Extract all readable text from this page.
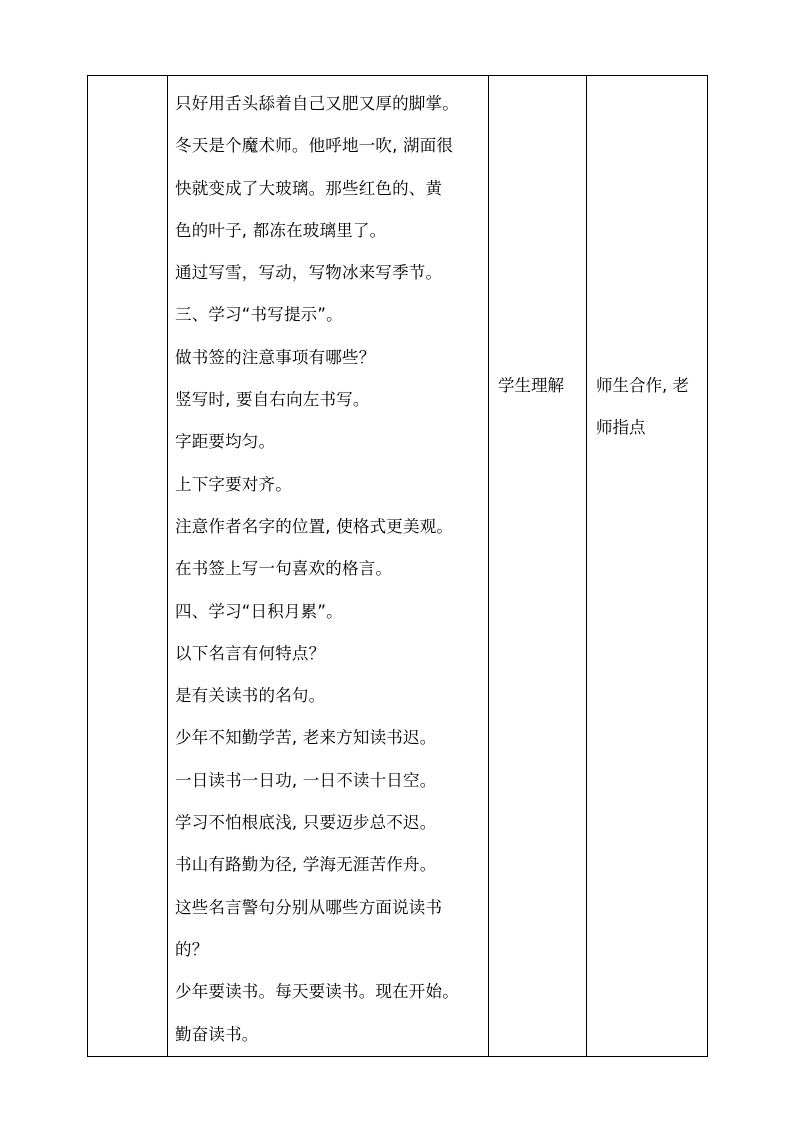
只好用舌头舔着自己又肥又厚的脚掌。
冬天是个魔术师。他呼地一吹, 湖面很
快就变成了大玻璃。那些红色的、黄
色的叶子, 都冻在玻璃里了。
通过写雪，写动，写物冰来写季节。
三、学习“书写提示”。
做书签的注意事项有哪些？
竖写时, 要自右向左书写。
字距要均匀。
上下字要对齐。
注意作者名字的位置, 使格式更美观。
在书签上写一句喜欢的格言。
四、学习“日积月累”。
以下名言有何特点？
是有关读书的名句。
少年不知勤学苦, 老来方知读书迟。
一日读书一日功, 一日不读十日空。
学习不怕根底浅, 只要迈步总不迟。
书山有路勤为径, 学海无涯苦作舟。
这些名言警句分别从哪些方面说读书
的？
少年要读书。每天要读书。现在开始。
勤奋读书。

学生理解	师生合作, 老
师指点
